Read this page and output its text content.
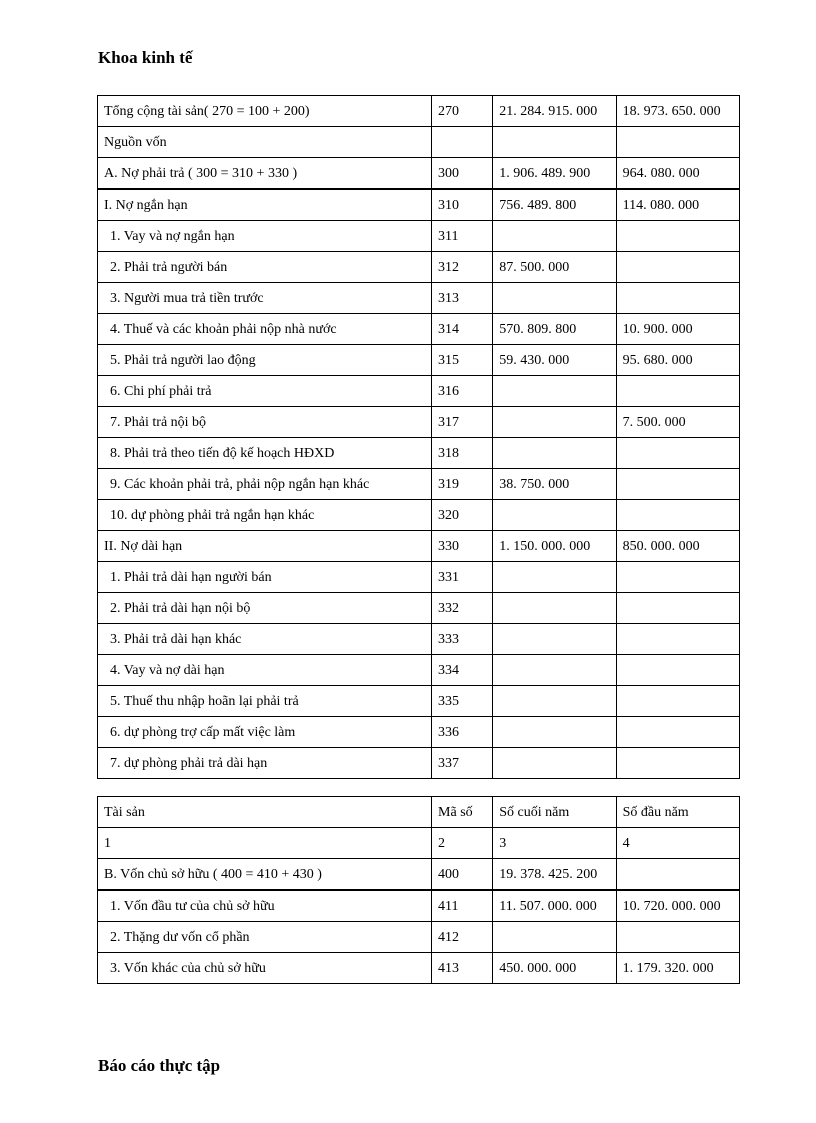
Khoa kinh tế
Tổng cộng tài sản( 270 = 100 + 200)	270	21. 284. 915. 000	18. 973. 650. 000
Nguồn vốn			
A. Nợ phải trả ( 300 = 310 + 330 )	300	1. 906. 489. 900	964. 080. 000
I. Nợ ngắn hạn	310	756. 489. 800	114. 080. 000
1. Vay và nợ ngắn hạn	311		
2. Phải trả người bán	312	87. 500. 000	
3. Người mua trả tiền trước	313		
4. Thuế và các khoản phải nộp nhà nước	314	570. 809. 800	10. 900. 000
5. Phải trả người lao động	315	59. 430. 000	95. 680. 000
6. Chi phí phải trả	316		
7. Phải trả nội bộ	317		7. 500. 000
8. Phải trả theo tiến độ kế hoạch HĐXD	318		
9. Các khoản phải trả, phải nộp ngắn hạn khác	319	38. 750. 000	
10. dự phòng phải trả ngắn hạn khác	320		
II. Nợ dài hạn	330	1. 150. 000. 000	850. 000. 000
1. Phải trả dài hạn người bán	331		
2. Phải trả dài hạn nội bộ	332		
3. Phải trả dài hạn khác	333		
4. Vay và nợ dài hạn	334		
5. Thuế thu nhập hoãn lại phải trả	335		
6. dự phòng trợ cấp mất việc làm	336		
7. dự phòng phải trả dài hạn	337		
Tài sản	Mã số	Số cuối năm	Số đầu năm
1	2	3	4
B. Vốn chủ sở hữu ( 400 = 410 + 430 )	400	19. 378. 425. 200	
1. Vốn đầu tư của chủ sở hữu	411	11. 507. 000. 000	10. 720. 000. 000
2. Thặng dư vốn cổ phần	412		
3. Vốn khác của chủ sở hữu	413	450. 000. 000	1. 179. 320. 000
Báo cáo thực tập
